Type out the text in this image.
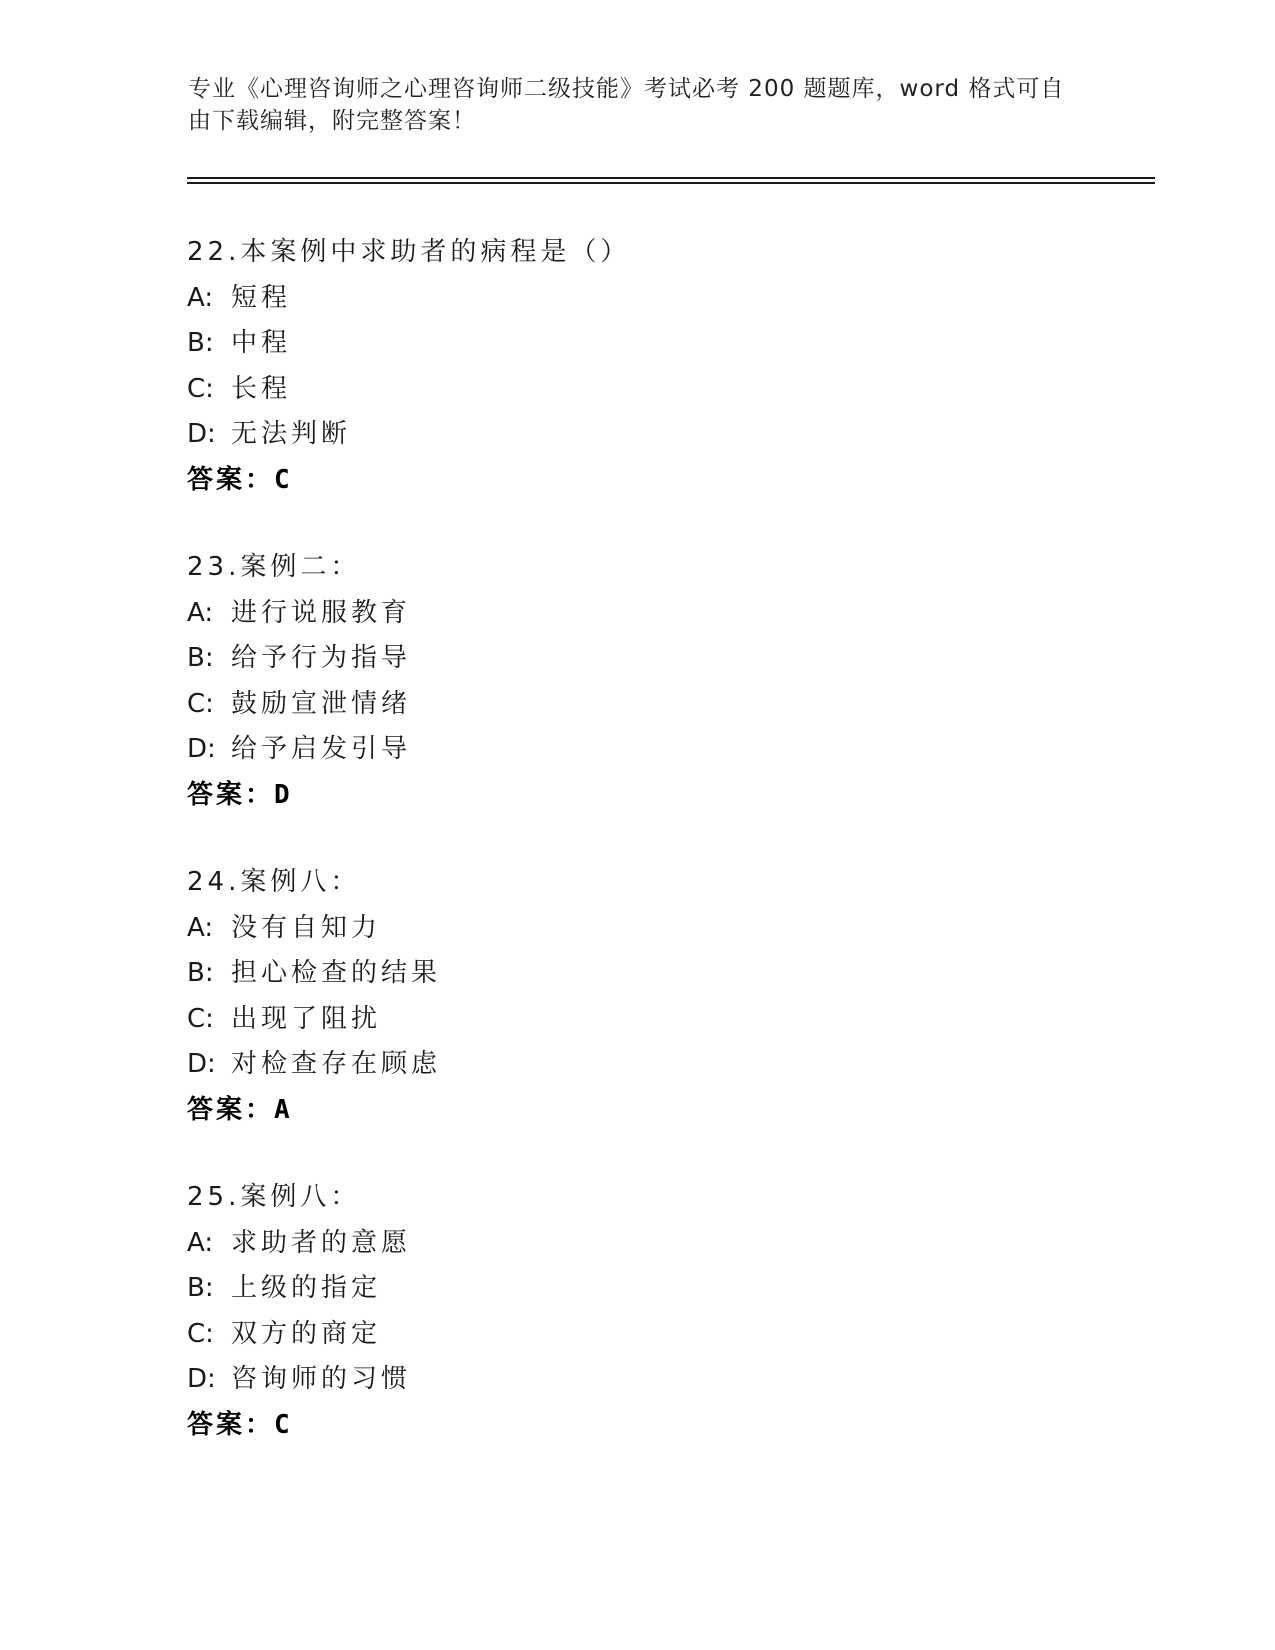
专业《心理咨询师之心理咨询师二级技能》考试必考 200 题题库，word 格式可自
由下载编辑，附完整答案！
22.本案例中求助者的病程是（）
A: 短程
B: 中程
C: 长程
D: 无法判断
答案：C
23.案例二：
A: 进行说服教育
B: 给予行为指导
C: 鼓励宣泄情绪
D: 给予启发引导
答案：D
24.案例八：
A: 没有自知力
B: 担心检查的结果
C: 出现了阻扰
D: 对检查存在顾虑
答案：A
25.案例八：
A: 求助者的意愿
B: 上级的指定
C: 双方的商定
D: 咨询师的习惯
答案：C
